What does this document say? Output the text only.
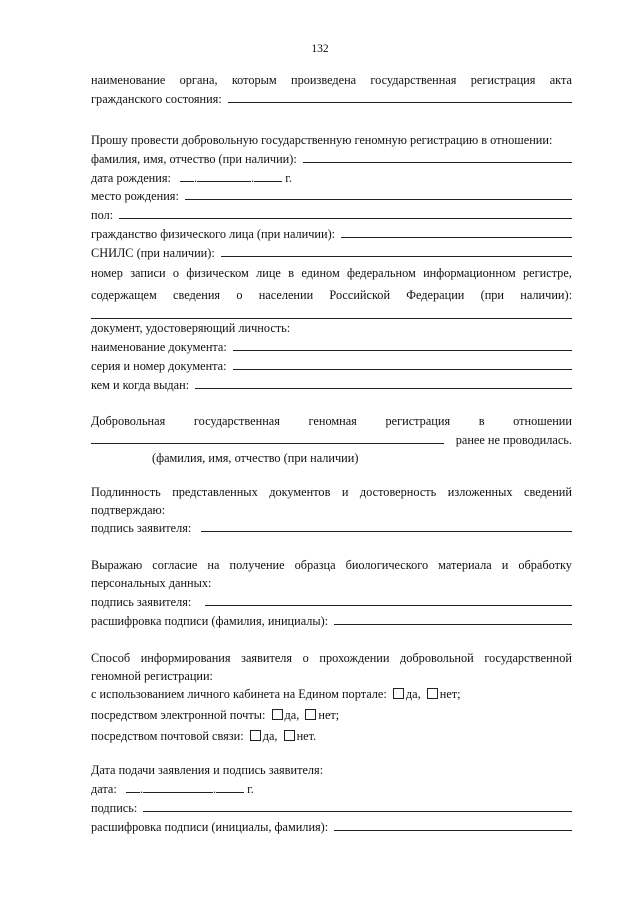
132
наименование органа, которым произведена государственная регистрация акта
гражданского состояния:
Прошу провести добровольную государственную геномную регистрацию в отношении:
фамилия, имя, отчество (при наличии):
дата рождения: .	.	г.
место рождения:
пол:
гражданство физического лица (при наличии):
СНИЛС (при наличии):
номер записи о физическом лице в едином федеральном информационном регистре,
содержащем сведения о населении Российской Федерации (при наличии):
документ, удостоверяющий личность:
наименование документа:
серия и номер документа:
кем и когда выдан:
Добровольная государственная геномная регистрация в отношении
ранее не проводилась.
(фамилия, имя, отчество (при наличии)
Подлинность представленных документов и достоверность изложенных сведений
подтверждаю:
подпись заявителя:
Выражаю согласие на получение образца биологического материала и обработку
персональных данных:
подпись заявителя:
расшифровка подписи (фамилия, инициалы):
Способ информирования заявителя о прохождении добровольной государственной
геномной регистрации:
с использованием личного кабинета на Едином портале: да, нет;
посредством электронной почты: да, нет;
посредством почтовой связи: да, нет.
Дата подачи заявления и подпись заявителя:
дата: .	.	г.
подпись:
расшифровка подписи (инициалы, фамилия):
